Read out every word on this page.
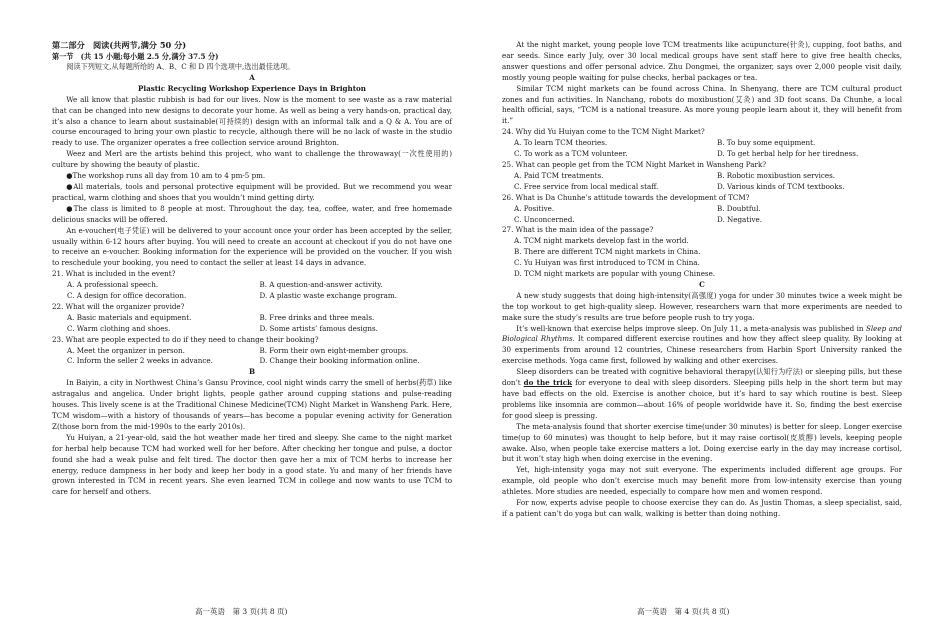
第二部分　阅读(共两节,满分 50 分)
第一节　(共 15 小题;每小题 2.5 分,满分 37.5 分)

阅读下列短文,从每题所给的 A、B、C 和 D 四个选项中,选出最佳选项。

A

Plastic Recycling Workshop Experience Days in Brighton

We all know that plastic rubbish is bad for our lives. Now is the moment to see waste as a raw material that can be changed into new designs to decorate your home. As well as being a very hands-on, practical day, it’s also a chance to learn about sustainable(可持续的) design with an informal talk and a Q & A. You are of course encouraged to bring your own plastic to recycle, although there will be no lack of waste in the studio ready to use. The organizer operates a free collection service around Brighton.

Weez and Merl are the artists behind this project, who want to challenge the throwaway(一次性使用的) culture by showing the beauty of plastic.

●The workshop runs all day from 10 am to 4 pm-5 pm.

●All materials, tools and personal protective equipment will be provided. But we recommend you wear practical, warm clothing and shoes that you wouldn’t mind getting dirty.

●The class is limited to 8 people at most. Throughout the day, tea, coffee, water, and free homemade delicious snacks will be offered.

An e-voucher(电子凭证) will be delivered to your account once your order has been accepted by the seller, usually within 6-12 hours after buying. You will need to create an account at checkout if you do not have one to receive an e-voucher. Booking information for the experience will be provided on the voucher. If you wish to reschedule your booking, you need to contact the seller at least 14 days in advance.

21. What is included in the event?

A. A professional speech.	B. A question-and-answer activity.
C. A design for office decoration.	D. A plastic waste exchange program.

22. What will the organizer provide?

A. Basic materials and equipment.	B. Free drinks and three meals.
C. Warm clothing and shoes.	D. Some artists’ famous designs.

23. What are people expected to do if they need to change their booking?

A. Meet the organizer in person.	B. Form their own eight-member groups.
C. Inform the seller 2 weeks in advance.	D. Change their booking information online.

B

In Baiyin, a city in Northwest China’s Gansu Province, cool night winds carry the smell of herbs(药草) like astragalus and angelica. Under bright lights, people gather around cupping stations and pulse-reading houses. This lively scene is at the Traditional Chinese Medicine(TCM) Night Market in Wansheng Park. Here, TCM wisdom—with a history of thousands of years—has become a popular evening activity for Generation Z(those born from the mid-1990s to the early 2010s).

Yu Huiyan, a 21-year-old, said the hot weather made her tired and sleepy. She came to the night market for herbal help because TCM had worked well for her before. After checking her tongue and pulse, a doctor found she had a weak pulse and felt tired. The doctor then gave her a mix of TCM herbs to increase her energy, reduce dampness in her body and keep her body in a good state. Yu and many of her friends have grown interested in TCM in recent years. She even learned TCM in college and now wants to use TCM to care for herself and others.

At the night market, young people love TCM treatments like acupuncture(针灸), cupping, foot baths, and ear seeds. Since early July, over 30 local medical groups have sent staff here to give free health checks, answer questions and offer personal advice. Zhu Dongmei, the organizer, says over 2,000 people visit daily, mostly young people waiting for pulse checks, herbal packages or tea.

Similar TCM night markets can be found across China. In Shenyang, there are TCM cultural product zones and fun activities. In Nanchang, robots do moxibustion(艾灸) and 3D foot scans. Da Chunhe, a local health official, says, “TCM is a national treasure. As more young people learn about it, they will benefit from it.”

24. Why did Yu Huiyan come to the TCM Night Market?

A. To learn TCM theories.	B. To buy some equipment.
C. To work as a TCM volunteer.	D. To get herbal help for her tiredness.

25. What can people get from the TCM Night Market in Wansheng Park?

A. Paid TCM treatments.	B. Robotic moxibustion services.
C. Free service from local medical staff.	D. Various kinds of TCM textbooks.

26. What is Da Chunhe’s attitude towards the development of TCM?

A. Positive.	B. Doubtful.
C. Unconcerned.	D. Negative.

27. What is the main idea of the passage?

A. TCM night markets develop fast in the world.
B. There are different TCM night markets in China.
C. Yu Huiyan was first introduced to TCM in China.
D. TCM night markets are popular with young Chinese.

C

A new study suggests that doing high-intensity(高强度) yoga for under 30 minutes twice a week might be the top workout to get high-quality sleep. However, researchers warn that more experiments are needed to make sure the study’s results are true before people rush to try yoga.

It’s well-known that exercise helps improve sleep. On July 11, a meta-analysis was published in Sleep and Biological Rhythms. It compared different exercise routines and how they affect sleep quality. By looking at 30 experiments from around 12 countries, Chinese researchers from Harbin Sport University ranked the exercise methods. Yoga came first, followed by walking and other exercises.

Sleep disorders can be treated with cognitive behavioral therapy(认知行为疗法) or sleeping pills, but these don’t do the trick for everyone to deal with sleep disorders. Sleeping pills help in the short term but may have bad effects on the old. Exercise is another choice, but it’s hard to say which routine is best. Sleep problems like insomnia are common—about 16% of people worldwide have it. So, finding the best exercise for good sleep is pressing.

The meta-analysis found that shorter exercise time(under 30 minutes) is better for sleep. Longer exercise time(up to 60 minutes) was thought to help before, but it may raise cortisol(皮质醇) levels, keeping people awake. Also, when people take exercise matters a lot. Doing exercise early in the day may increase cortisol, but it won’t stay high when doing exercise in the evening.

Yet, high-intensity yoga may not suit everyone. The experiments included different age groups. For example, old people who don’t exercise much may benefit more from low-intensity exercise than young athletes. More studies are needed, especially to compare how men and women respond.

For now, experts advise people to choose exercise they can do. As Justin Thomas, a sleep specialist, said, if a patient can’t do yoga but can walk, walking is better than doing nothing.

高一英语　第 3 页(共 8 页)	高一英语　第 4 页(共 8 页)
